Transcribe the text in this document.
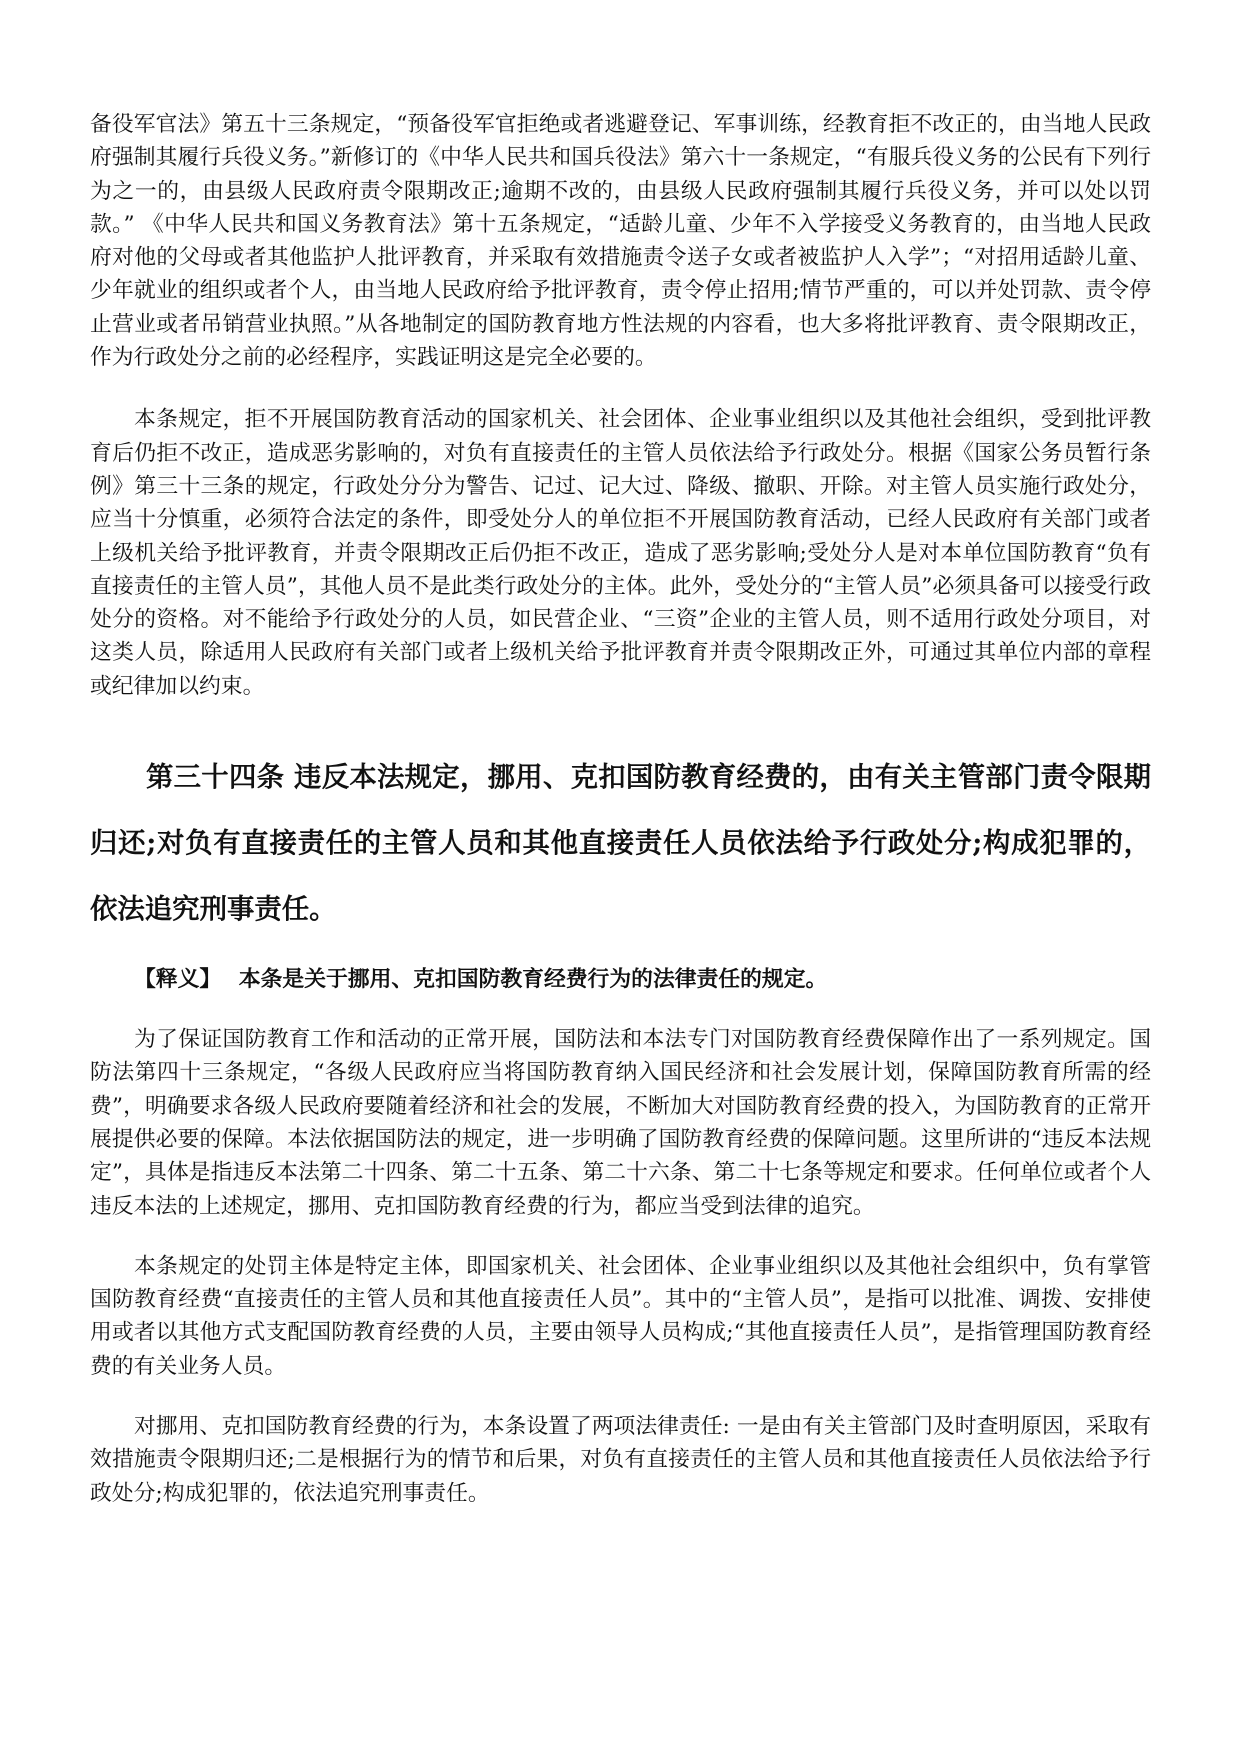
备役军官法》第五十三条规定，“预备役军官拒绝或者逃避登记、军事训练，经教育拒不改正的，由当地人民政府强制其履行兵役义务。”新修订的《中华人民共和国兵役法》第六十一条规定，“有服兵役义务的公民有下列行为之一的，由县级人民政府责令限期改正;逾期不改的，由县级人民政府强制其履行兵役义务，并可以处以罚款。” 《中华人民共和国义务教育法》第十五条规定，“适龄儿童、少年不入学接受义务教育的，由当地人民政府对他的父母或者其他监护人批评教育，并采取有效措施责令送子女或者被监护人入学”；“对招用适龄儿童、少年就业的组织或者个人，由当地人民政府给予批评教育，责令停止招用;情节严重的，可以并处罚款、责令停止营业或者吊销营业执照。”从各地制定的国防教育地方性法规的内容看，也大多将批评教育、责令限期改正，作为行政处分之前的必经程序，实践证明这是完全必要的。

本条规定，拒不开展国防教育活动的国家机关、社会团体、企业事业组织以及其他社会组织，受到批评教育后仍拒不改正，造成恶劣影响的，对负有直接责任的主管人员依法给予行政处分。根据《国家公务员暂行条例》第三十三条的规定，行政处分分为警告、记过、记大过、降级、撤职、开除。对主管人员实施行政处分，应当十分慎重，必须符合法定的条件，即受处分人的单位拒不开展国防教育活动，已经人民政府有关部门或者上级机关给予批评教育，并责令限期改正后仍拒不改正，造成了恶劣影响;受处分人是对本单位国防教育“负有直接责任的主管人员”，其他人员不是此类行政处分的主体。此外，受处分的“主管人员”必须具备可以接受行政处分的资格。对不能给予行政处分的人员，如民营企业、“三资”企业的主管人员，则不适用行政处分项目，对这类人员，除适用人民政府有关部门或者上级机关给予批评教育并责令限期改正外，可通过其单位内部的章程或纪律加以约束。

第三十四条 违反本法规定，挪用、克扣国防教育经费的，由有关主管部门责令限期归还;对负有直接责任的主管人员和其他直接责任人员依法给予行政处分;构成犯罪的，依法追究刑事责任。

【释义】 本条是关于挪用、克扣国防教育经费行为的法律责任的规定。

为了保证国防教育工作和活动的正常开展，国防法和本法专门对国防教育经费保障作出了一系列规定。国防法第四十三条规定，“各级人民政府应当将国防教育纳入国民经济和社会发展计划，保障国防教育所需的经费”，明确要求各级人民政府要随着经济和社会的发展，不断加大对国防教育经费的投入，为国防教育的正常开展提供必要的保障。本法依据国防法的规定，进一步明确了国防教育经费的保障问题。这里所讲的“违反本法规定”，具体是指违反本法第二十四条、第二十五条、第二十六条、第二十七条等规定和要求。任何单位或者个人违反本法的上述规定，挪用、克扣国防教育经费的行为，都应当受到法律的追究。

本条规定的处罚主体是特定主体，即国家机关、社会团体、企业事业组织以及其他社会组织中，负有掌管国防教育经费“直接责任的主管人员和其他直接责任人员”。其中的“主管人员”，是指可以批准、调拨、安排使用或者以其他方式支配国防教育经费的人员，主要由领导人员构成;“其他直接责任人员”，是指管理国防教育经费的有关业务人员。

对挪用、克扣国防教育经费的行为，本条设置了两项法律责任: 一是由有关主管部门及时查明原因，采取有效措施责令限期归还;二是根据行为的情节和后果，对负有直接责任的主管人员和其他直接责任人员依法给予行政处分;构成犯罪的，依法追究刑事责任。
